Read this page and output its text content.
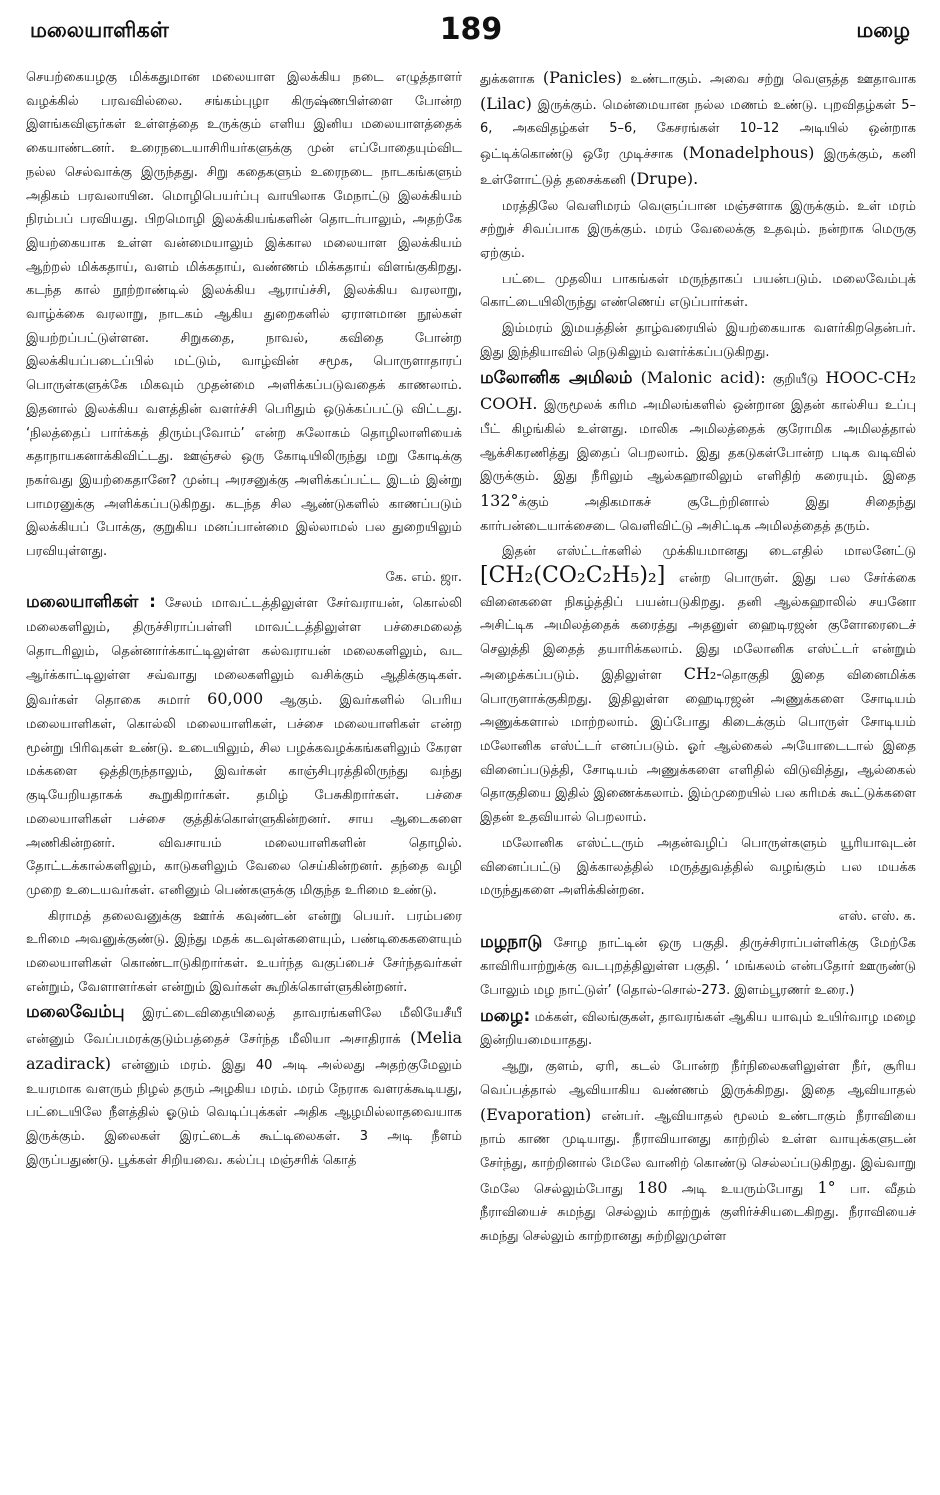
மலையாளிகள்	189	மழை

செயற்கையழகு மிக்கதுமான மலையாள இலக்கிய நடை எழுத்தாளர் வழக்கில் பரவவில்லை. சங்கம்புழா கிருஷ்ணபிள்ளை போன்ற இளங்கவிஞர்கள் உள்ளத்தை உருக்கும் எளிய இனிய மலையாளத்தைக் கையாண்டனர். உரைநடையாசிரியர்களுக்கு முன் எப்போதையும்விட நல்ல செல்வாக்கு இருந்தது. சிறு கதைகளும் உரைநடை நாடகங்களும் அதிகம் பரவலாயின. மொழிபெயர்ப்பு வாயிலாக மேநாட்டு இலக்கியம் நிரம்பப் பரவியது. பிறமொழி இலக்கியங்களின் தொடர்பாலும், அதற்கே இயற்கையாக உள்ள வன்மையாலும் இக்கால மலையாள இலக்கியம் ஆற்றல் மிக்கதாய், வளம் மிக்கதாய், வண்ணம் மிக்கதாய் விளங்குகிறது. கடந்த கால் நூற்றாண்டில் இலக்கிய ஆராய்ச்சி, இலக்கிய வரலாறு, வாழ்க்கை வரலாறு, நாடகம் ஆகிய துறைகளில் ஏராளமான நூல்கள் இயற்றப்பட்டுள்ளன. சிறுகதை, நாவல், கவிதை போன்ற இலக்கியப்படைப்பில் மட்டும், வாழ்வின் சமூக, பொருளாதாரப் பொருள்களுக்கே மிகவும் முதன்மை அளிக்கப்படுவதைக் காணலாம். இதனால் இலக்கிய வளத்தின் வளர்ச்சி பெரிதும் ஒடுக்கப்பட்டு விட்டது. ‘நிலத்தைப் பார்க்கத் திரும்புவோம்’ என்ற சுலோகம் தொழிலாளியைக் கதாநாயகனாக்கிவிட்டது. ஊஞ்சல் ஒரு கோடியிலிருந்து மறு கோடிக்கு நகர்வது இயற்கைதானே? முன்பு அரசனுக்கு அளிக்கப்பட்ட இடம் இன்று பாமரனுக்கு அளிக்கப்படுகிறது. கடந்த சில ஆண்டுகளில் காணப்படும் இலக்கியப் போக்கு, குறுகிய மனப்பான்மை இல்லாமல் பல துறையிலும் பரவியுள்ளது.

கே. எம். ஜா.

மலையாளிகள் : சேலம் மாவட்டத்திலுள்ள சேர்வராயன், கொல்லி மலைகளிலும், திருச்சிராப்பள்ளி மாவட்டத்திலுள்ள பச்சைமலைத் தொடரிலும், தென்னார்க்காட்டிலுள்ள கல்வராயன் மலைகளிலும், வட ஆர்க்காட்டிலுள்ள சவ்வாது மலைகளிலும் வசிக்கும் ஆதிக்குடிகள். இவர்கள் தொகை சுமார் 60,000 ஆகும். இவர்களில் பெரிய மலையாளிகள், கொல்லி மலையாளிகள், பச்சை மலையாளிகள் என்ற மூன்று பிரிவுகள் உண்டு. உடையிலும், சில பழக்கவழக்கங்களிலும் கேரள மக்களை ஒத்திருந்தாலும், இவர்கள் காஞ்சிபுரத்திலிருந்து வந்து குடியேறியதாகக் கூறுகிறார்கள். தமிழ் பேசுகிறார்கள். பச்சை மலையாளிகள் பச்சை குத்திக்கொள்ளுகின்றனர். சாய ஆடைகளை அணிகின்றனர். விவசாயம் மலையாளிகளின் தொழில். தோட்டக்கால்களிலும், காடுகளிலும் வேலை செய்கின்றனர். தந்தை வழி முறை உடையவர்கள். எனினும் பெண்களுக்கு மிகுந்த உரிமை உண்டு.

கிராமத் தலைவனுக்கு ஊர்க் கவுண்டன் என்று பெயர். பரம்பரை உரிமை அவனுக்குண்டு. இந்து மதக் கடவுள்களையும், பண்டிகைகளையும் மலையாளிகள் கொண்டாடுகிறார்கள். உயர்ந்த வகுப்பைச் சேர்ந்தவர்கள் என்றும், வேளாளர்கள் என்றும் இவர்கள் கூறிக்கொள்ளுகின்றனர்.

மலைவேம்பு இரட்டைவிதையிலைத் தாவரங்களிலே மீலியேசீயீ என்னும் வேப்பமரக்குடும்பத்தைச் சேர்ந்த மீலியா அசாதிராக் (Melia azadirack) என்னும் மரம். இது 40 அடி அல்லது அதற்குமேலும் உயரமாக வளரும் நிழல் தரும் அழகிய மரம். மரம் நேராக வளரக்கூடியது, பட்டையிலே நீளத்தில் ஓடும் வெடிப்புக்கள் அதிக ஆழமில்லாதவையாக இருக்கும். இலைகள் இரட்டைக் கூட்டிலைகள். 3 அடி நீளம் இருப்பதுண்டு. பூக்கள் சிறியவை. கல்ப்பு மஞ்சரிக் கொத்

துக்களாக (Panicles) உண்டாகும். அவை சற்று வெளுத்த ஊதாவாக (Lilac) இருக்கும். மென்மையான நல்ல மணம் உண்டு. புறவிதழ்கள் 5–6, அகவிதழ்கள் 5–6, கேசரங்கள் 10–12 அடியில் ஒன்றாக ஒட்டிக்கொண்டு ஒரே முடிச்சாக (Monadelphous) இருக்கும், கனி உள்ளோட்டுத் தசைக்கனி (Drupe).

மரத்திலே வெளிமரம் வெளுப்பான மஞ்சளாக இருக்கும். உள் மரம் சற்றுச் சிவப்பாக இருக்கும். மரம் வேலைக்கு உதவும். நன்றாக மெருகு ஏற்கும்.

பட்டை முதலிய பாகங்கள் மருந்தாகப் பயன்படும். மலைவேம்புக் கொட்டையிலிருந்து எண்ணெய் எடுப்பார்கள்.

இம்மரம் இமயத்தின் தாழ்வரையில் இயற்கையாக வளர்கிறதென்பர். இது இந்தியாவில் நெடுகிலும் வளர்க்கப்படுகிறது.

மலோனிக அமிலம் (Malonic acid): குறியீடு HOOC-CH₂ COOH. இருமூலக் கரிம அமிலங்களில் ஒன்றான இதன் கால்சிய உப்பு பீட் கிழங்கில் உள்ளது. மாலிக அமிலத்தைக் குரோமிக அமிலத்தால் ஆக்சிகரணித்து இதைப் பெறலாம். இது தகடுகள்போன்ற படிக வடிவில் இருக்கும். இது நீரிலும் ஆல்கஹாலிலும் எளிதிற் கரையும். இதை 132°க்கும் அதிகமாகச் சூடேற்றினால் இது சிதைந்து கார்பன்டையாக்சைடை வெளிவிட்டு அசிட்டிக அமிலத்தைத் தரும்.

இதன் எஸ்ட்டர்களில் முக்கியமானது டைஎதில் மாலனேட்டு [CH₂(CO₂C₂H₅)₂] என்ற பொருள். இது பல சேர்க்கை வினைகளை நிகழ்த்திப் பயன்படுகிறது. தனி ஆல்கஹாலில் சயனோ அசிட்டிக அமிலத்தைக் கரைத்து அதனுள் ஹைடிரஜன் குளோரைடைச் செலுத்தி இதைத் தயாரிக்கலாம். இது மலோனிக எஸ்ட்டர் என்றும் அழைக்கப்படும். இதிலுள்ள CH₂-தொகுதி இதை வினைமிக்க பொருளாக்குகிறது. இதிலுள்ள ஹைடிரஜன் அணுக்களை சோடியம் அணுக்களால் மாற்றலாம். இப்போது கிடைக்கும் பொருள் சோடியம் மலோனிக எஸ்ட்டர் எனப்படும். ஓர் ஆல்கைல் அயோடைடால் இதை வினைப்படுத்தி, சோடியம் அணுக்களை எளிதில் விடுவித்து, ஆல்கைல் தொகுதியை இதில் இணைக்கலாம். இம்முறையில் பல கரிமக் கூட்டுக்களை இதன் உதவியால் பெறலாம்.

மலோனிக எஸ்ட்டரும் அதன்வழிப் பொருள்களும் யூரியாவுடன் வினைப்பட்டு இக்காலத்தில் மருத்துவத்தில் வழங்கும் பல மயக்க மருந்துகளை அளிக்கின்றன.

எஸ். எஸ். க.

மழநாடு சோழ நாட்டின் ஒரு பகுதி. திருச்சிராப்பள்ளிக்கு மேற்கே காவிரியாற்றுக்கு வடபுறத்திலுள்ள பகுதி. ‘ மங்கலம் என்பதோர் ஊருண்டு போலும் மழ நாட்டுள்’ (தொல்-சொல்-273. இளம்பூரணர் உரை.)

மழை: மக்கள், விலங்குகள், தாவரங்கள் ஆகிய யாவும் உயிர்வாழ மழை இன்றியமையாதது.

ஆறு, குளம், ஏரி, கடல் போன்ற நீர்நிலைகளிலுள்ள நீர், சூரிய வெப்பத்தால் ஆவியாகிய வண்ணம் இருக்கிறது. இதை ஆவியாதல் (Evaporation) என்பர். ஆவியாதல் மூலம் உண்டாகும் நீராவியை நாம் காண முடியாது. நீராவியானது காற்றில் உள்ள வாயுக்களுடன் சேர்ந்து, காற்றினால் மேலே வானிற் கொண்டு செல்லப்படுகிறது. இவ்வாறு மேலே செல்லும்போது 180 அடி உயரும்போது 1° பா. வீதம் நீராவியைச் சுமந்து செல்லும் காற்றுக் குளிர்ச்சியடைகிறது. நீராவியைச் சுமந்து செல்லும் காற்றானது சுற்றிலுமுள்ள
